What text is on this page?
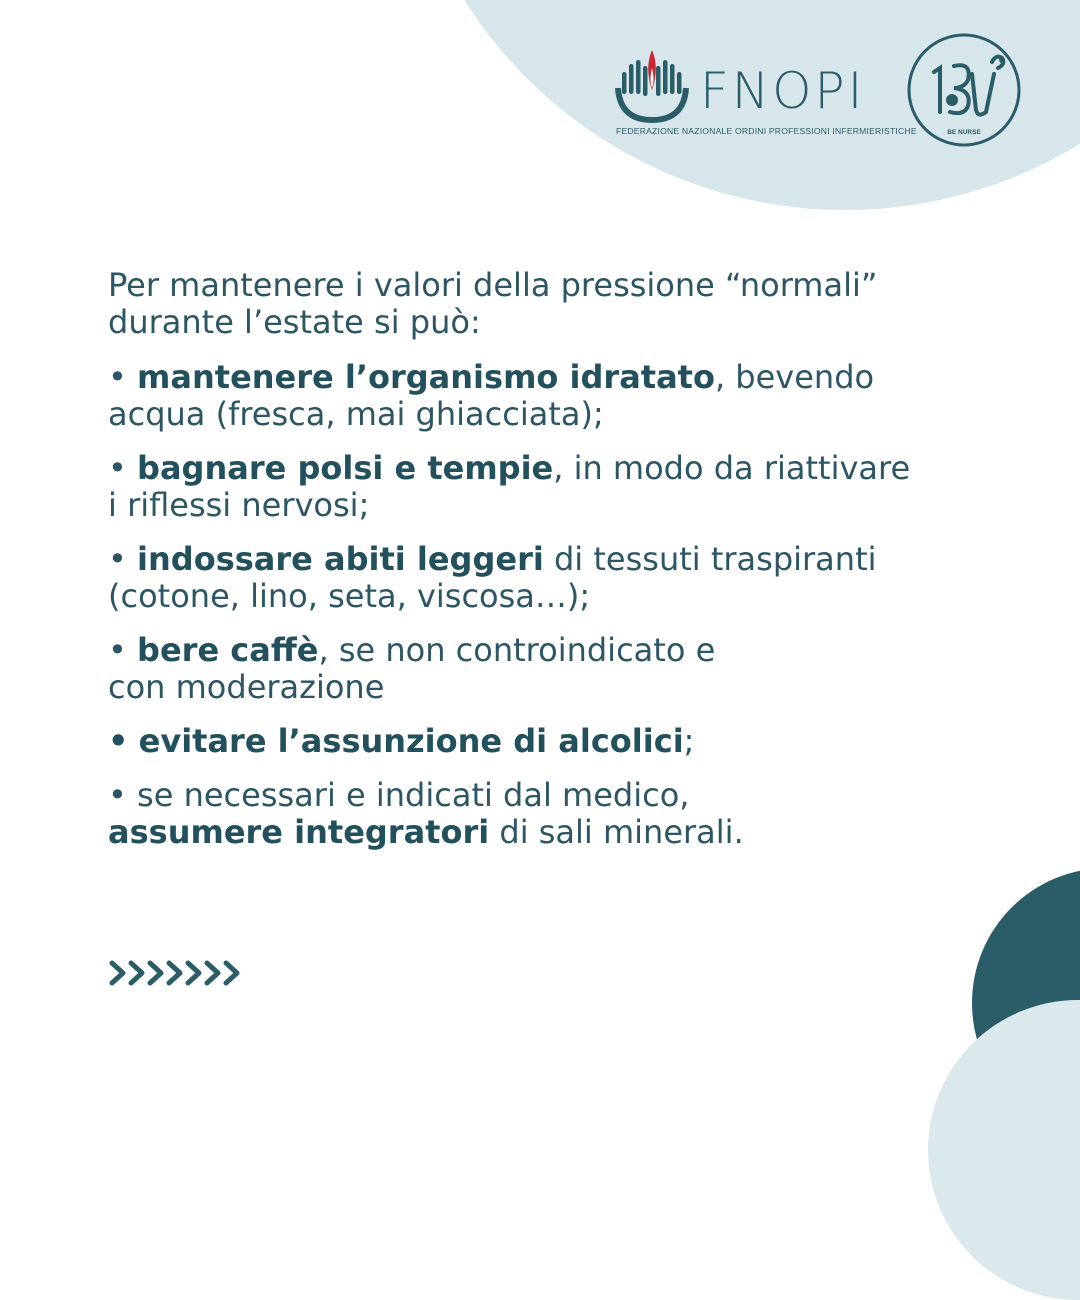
FNOPI
FEDERAZIONE NAZIONALE ORDINI PROFESSIONI INFERMIERISTICHE	BE NURSE

Per mantenere i valori della pressione “normali”
durante l’estate si può:

• mantenere l’organismo idratato, bevendo
acqua (fresca, mai ghiacciata);

• bagnare polsi e tempie, in modo da riattivare
i riflessi nervosi;

• indossare abiti leggeri di tessuti traspiranti
(cotone, lino, seta, viscosa…);

• bere caffè, se non controindicato e
con moderazione

• evitare l’assunzione di alcolici;

• se necessari e indicati dal medico,
assumere integratori di sali minerali.
